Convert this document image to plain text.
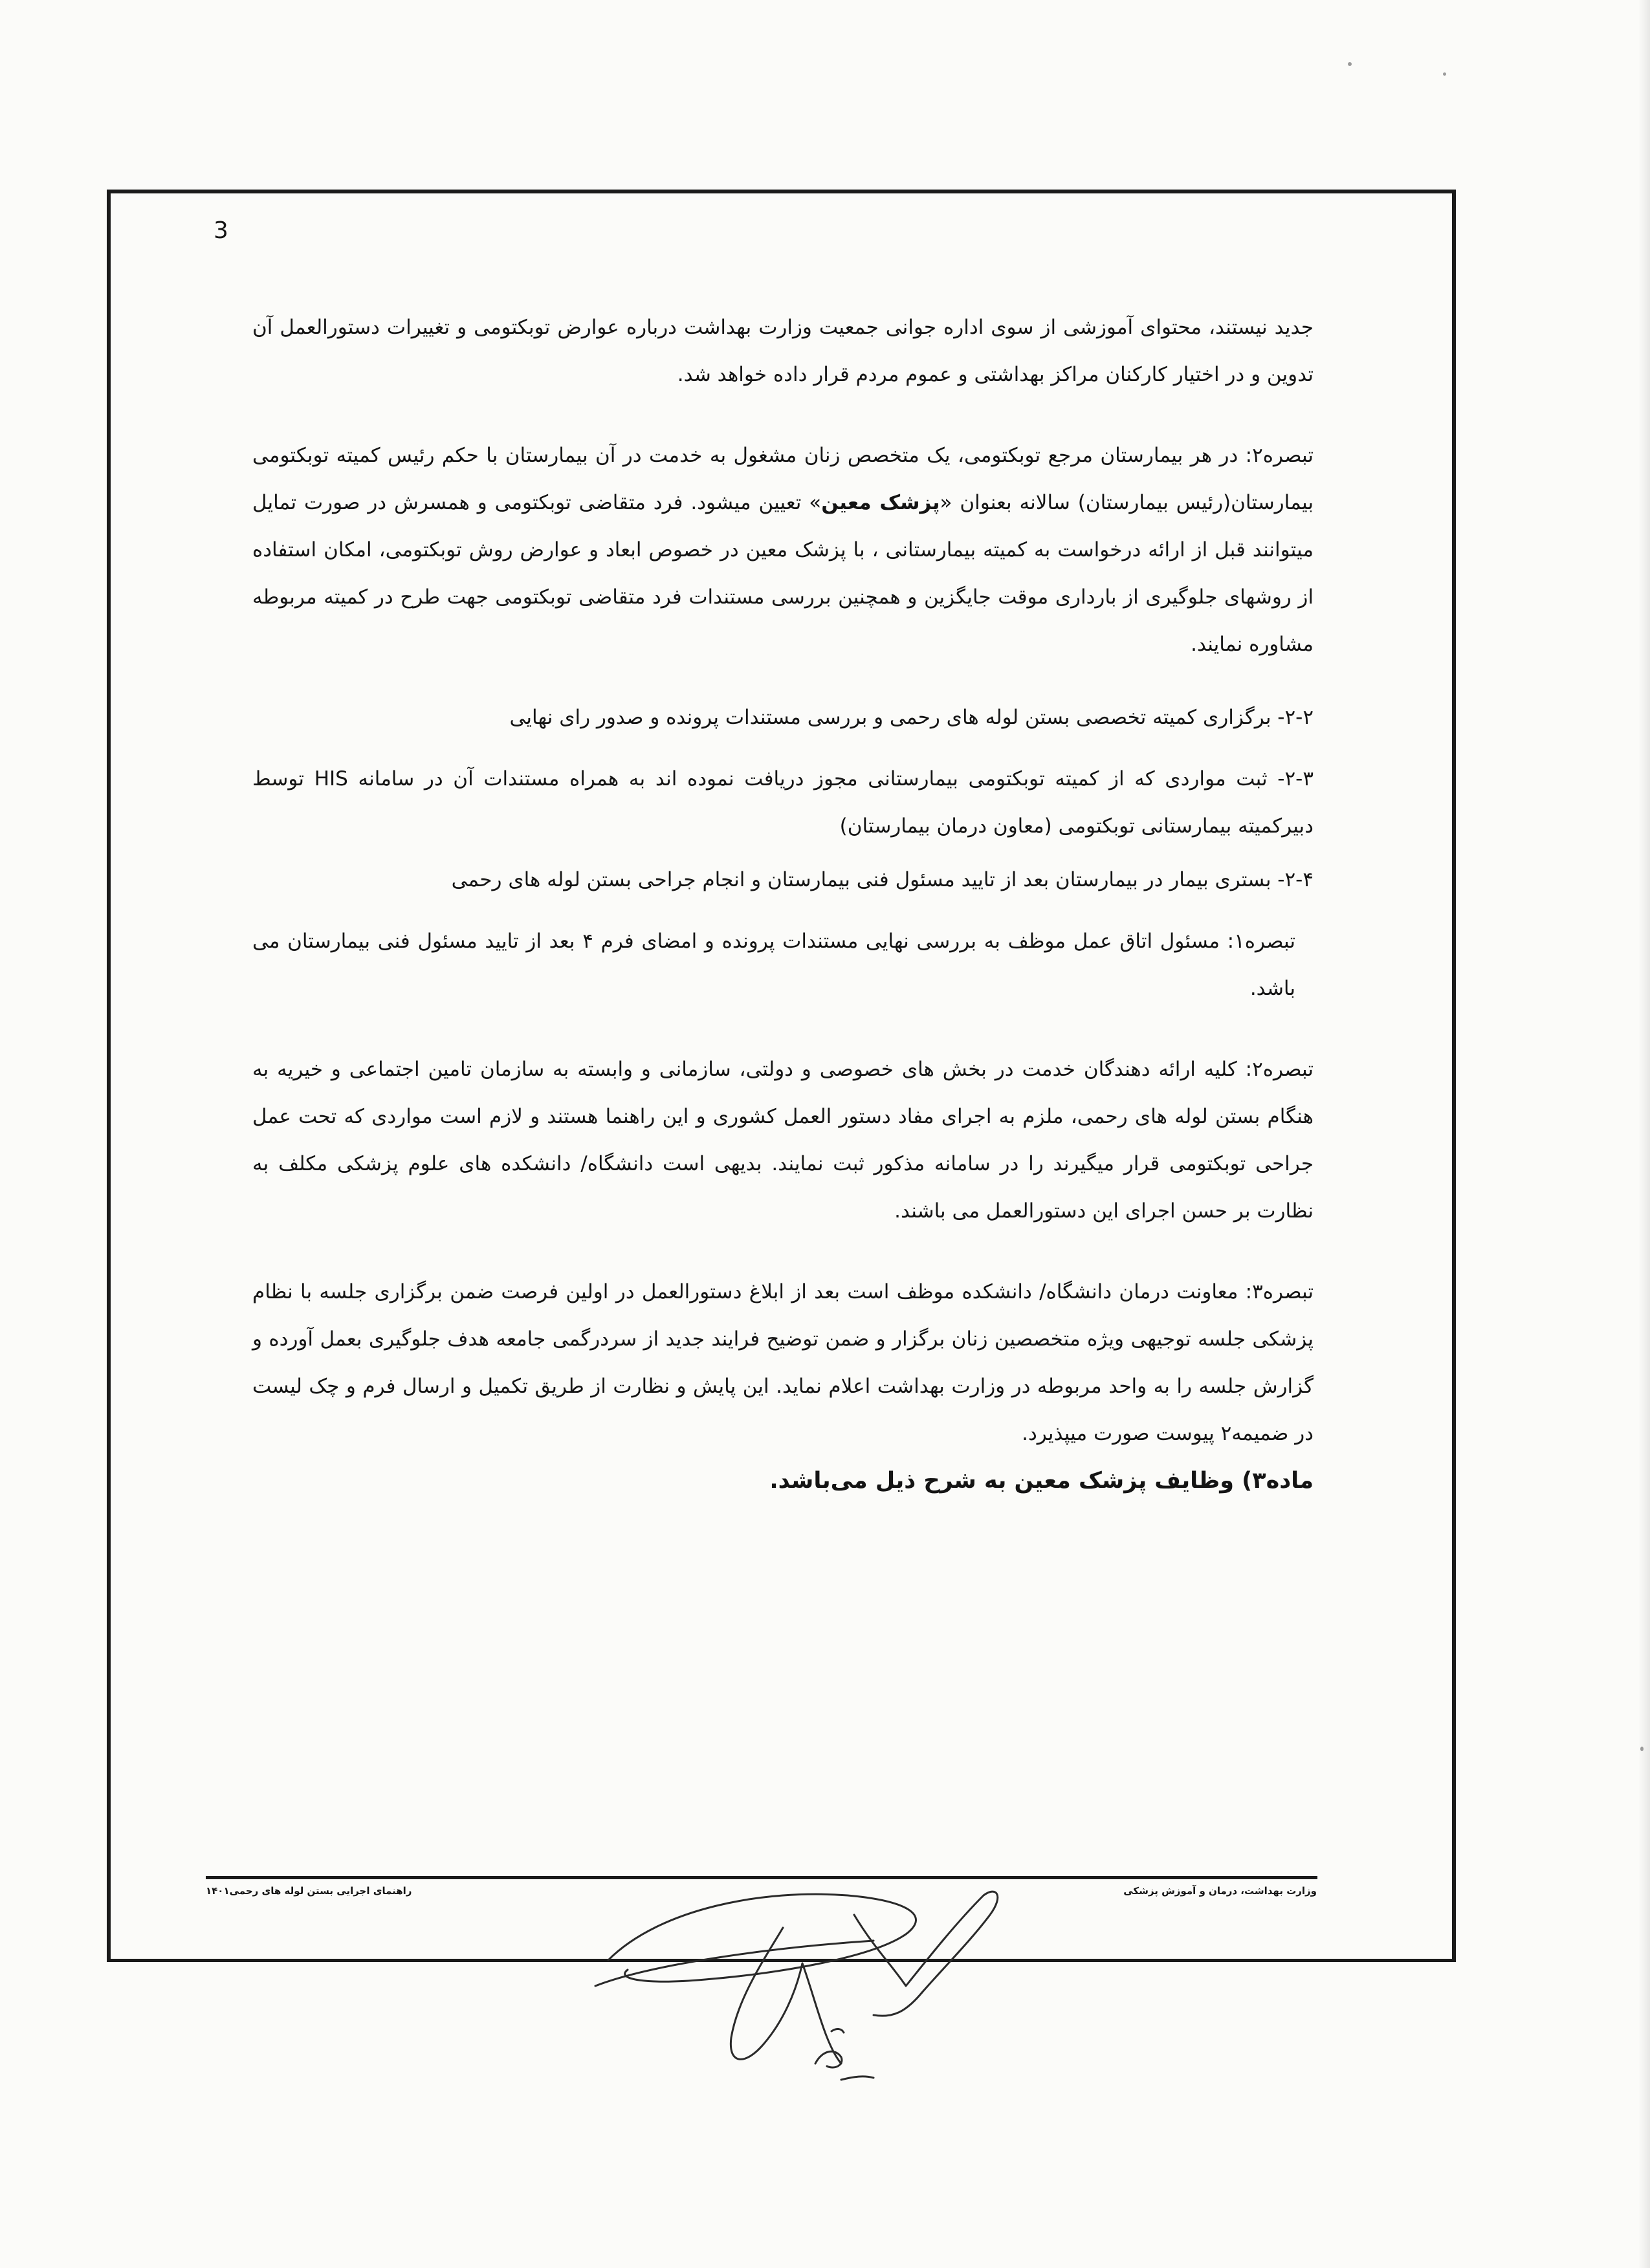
3

جدید نیستند، محتوای آموزشی از سوی اداره جوانی جمعیت وزارت بهداشت درباره عوارض توبکتومی و تغییرات دستورالعمل آن تدوین و در اختیار کارکنان مراکز بهداشتی و عموم مردم قرار داده خواهد شد.

تبصره۲: در هر بیمارستان مرجع توبکتومی، یک متخصص زنان مشغول به خدمت در آن بیمارستان با حکم رئیس کمیته توبکتومی بیمارستان(رئیس بیمارستان) سالانه بعنوان «پزشک معین» تعیین میشود. فرد متقاضی توبکتومی و همسرش در صورت تمایل میتوانند قبل از ارائه درخواست به کمیته بیمارستانی ، با پزشک معین در خصوص ابعاد و عوارض روش توبکتومی، امکان استفاده از روشهای جلوگیری از بارداری موقت جایگزین و همچنین بررسی مستندات فرد متقاضی توبکتومی جهت طرح در کمیته مربوطه مشاوره نمایند.

۲-۲- برگزاری کمیته تخصصی بستن لوله های رحمی و بررسی مستندات پرونده و صدور رای نهایی

۲-۳- ثبت مواردی که از کمیته توبکتومی بیمارستانی مجوز دریافت نموده اند به همراه مستندات آن در سامانه HIS توسط دبیرکمیته بیمارستانی توبکتومی (معاون درمان بیمارستان)

۲-۴- بستری بیمار در بیمارستان بعد از تایید مسئول فنی بیمارستان و انجام جراحی بستن لوله های رحمی

تبصره۱: مسئول اتاق عمل موظف به بررسی نهایی مستندات پرونده و امضای فرم ۴ بعد از تایید مسئول فنی بیمارستان می باشد.

تبصره۲: کلیه ارائه دهندگان خدمت در بخش های خصوصی و دولتی، سازمانی و وابسته به سازمان تامین اجتماعی و خیریه به هنگام بستن لوله های رحمی، ملزم به اجرای مفاد دستور العمل کشوری و این راهنما هستند و لازم است مواردی که تحت عمل جراحی توبکتومی قرار میگیرند را در سامانه مذکور ثبت نمایند. بدیهی است دانشگاه/ دانشکده های علوم پزشکی مکلف به نظارت بر حسن اجرای این دستورالعمل می باشند.

تبصره۳: معاونت درمان دانشگاه/ دانشکده موظف است بعد از ابلاغ دستورالعمل در اولین فرصت ضمن برگزاری جلسه با نظام پزشکی جلسه توجیهی ویژه متخصصین زنان برگزار و ضمن توضیح فرایند جدید از سردرگمی جامعه هدف جلوگیری بعمل آورده و گزارش جلسه را به واحد مربوطه در وزارت بهداشت اعلام نماید. این پایش و نظارت از طریق تکمیل و ارسال فرم و چک لیست در ضمیمه۲ پیوست صورت میپذیرد.

ماده۳) وظایف پزشک معین به شرح ذیل می‌باشد.

راهنمای اجرایی بستن لوله های رحمی۱۴۰۱	وزارت بهداشت، درمان و آموزش پزشکی
